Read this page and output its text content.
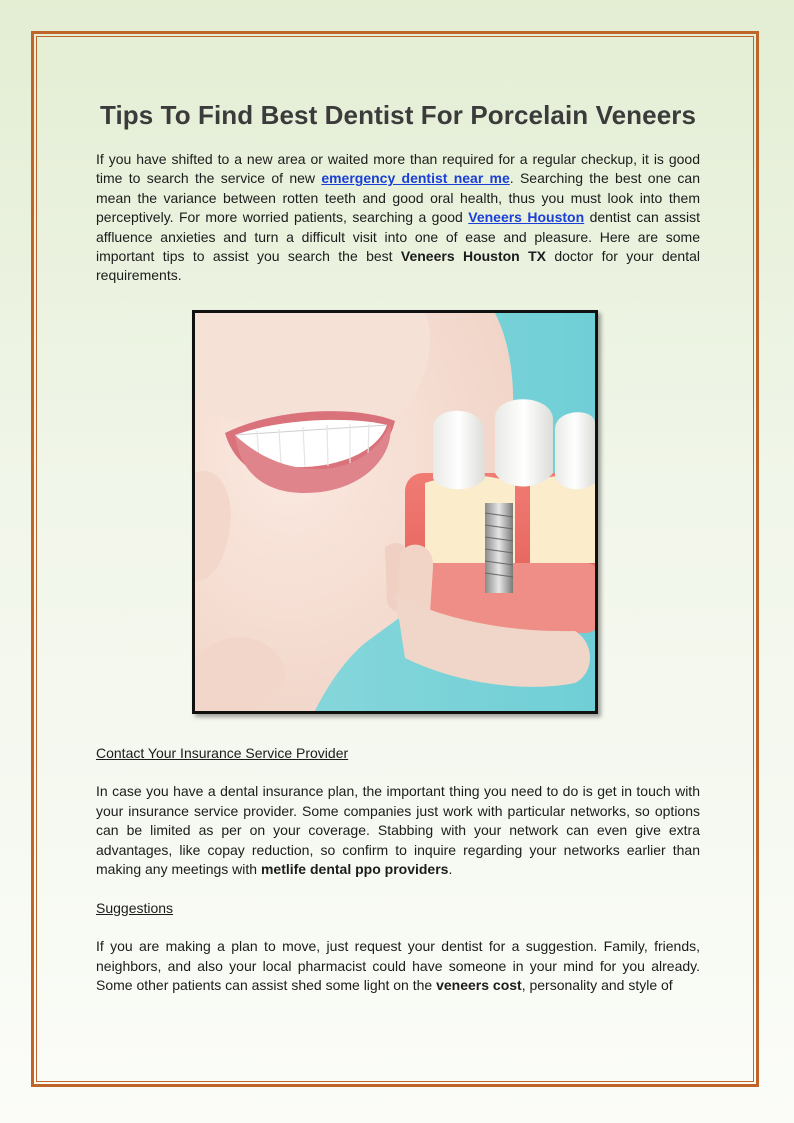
Tips To Find Best Dentist For Porcelain Veneers

If you have shifted to a new area or waited more than required for a regular checkup, it is good time to search the service of new emergency dentist near me. Searching the best one can mean the variance between rotten teeth and good oral health, thus you must look into them perceptively. For more worried patients, searching a good Veneers Houston dentist can assist affluence anxieties and turn a difficult visit into one of ease and pleasure. Here are some important tips to assist you search the best Veneers Houston TX doctor for your dental requirements.

Contact Your Insurance Service Provider

In case you have a dental insurance plan, the important thing you need to do is get in touch with your insurance service provider. Some companies just work with particular networks, so options can be limited as per on your coverage. Stabbing with your network can even give extra advantages, like copay reduction, so confirm to inquire regarding your networks earlier than making any meetings with metlife dental ppo providers.

Suggestions

If you are making a plan to move, just request your dentist for a suggestion. Family, friends, neighbors, and also your local pharmacist could have someone in your mind for you already. Some other patients can assist shed some light on the veneers cost, personality and style of
